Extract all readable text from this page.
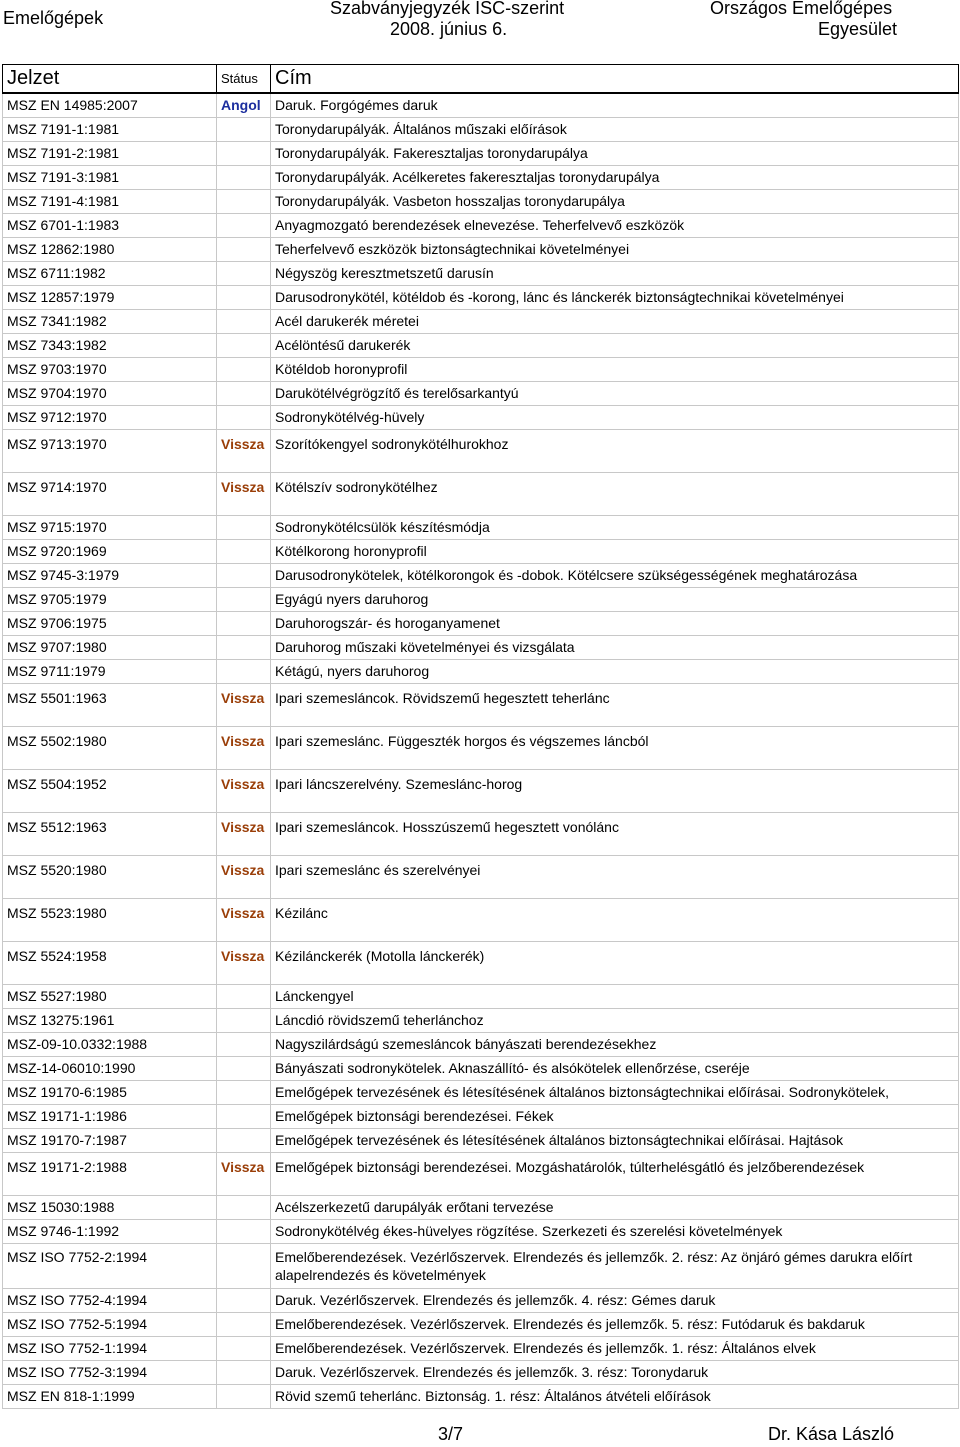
Emelőgépek	Szabványjegyzék ISC-szerint
2008. június 6.
Országos Emelőgépes
Egyesület
Jelzet	Státus	Cím
MSZ EN 14985:2007	Angol	Daruk. Forgógémes daruk
MSZ 7191-1:1981		Toronydarupályák. Általános műszaki előírások
MSZ 7191-2:1981		Toronydarupályák. Fakeresztaljas toronydarupálya
MSZ 7191-3:1981		Toronydarupályák. Acélkeretes fakeresztaljas toronydarupálya
MSZ 7191-4:1981		Toronydarupályák. Vasbeton hosszaljas toronydarupálya
MSZ 6701-1:1983		Anyagmozgató berendezések elnevezése. Teherfelvevő eszközök
MSZ 12862:1980		Teherfelvevő eszközök biztonságtechnikai követelményei
MSZ 6711:1982		Négyszög keresztmetszetű darusín
MSZ 12857:1979		Darusodronykötél, kötéldob és -korong, lánc és lánckerék biztonságtechnikai követelményei
MSZ 7341:1982		Acél darukerék méretei
MSZ 7343:1982		Acélöntésű darukerék
MSZ 9703:1970		Kötéldob horonyprofil
MSZ 9704:1970		Darukötélvégrögzítő és terelősarkantyú
MSZ 9712:1970		Sodronykötélvég-hüvely
MSZ 9713:1970	Vissza	Szorítókengyel sodronykötélhurokhoz
MSZ 9714:1970	Vissza	Kötélszív sodronykötélhez
MSZ 9715:1970		Sodronykötélcsülök készítésmódja
MSZ 9720:1969		Kötélkorong horonyprofil
MSZ 9745-3:1979		Darusodronykötelek, kötélkorongok és -dobok. Kötélcsere szükségességének meghatározása
MSZ 9705:1979		Egyágú nyers daruhorog
MSZ 9706:1975		Daruhorogszár- és horoganyamenet
MSZ 9707:1980		Daruhorog műszaki követelményei és vizsgálata
MSZ 9711:1979		Kétágú, nyers daruhorog
MSZ 5501:1963	Vissza	Ipari szemesláncok. Rövidszemű hegesztett teherlánc
MSZ 5502:1980	Vissza	Ipari szemeslánc. Függeszték horgos és végszemes láncból
MSZ 5504:1952	Vissza	Ipari láncszerelvény. Szemeslánc-horog
MSZ 5512:1963	Vissza	Ipari szemesláncok. Hosszúszemű hegesztett vonólánc
MSZ 5520:1980	Vissza	Ipari szemeslánc és szerelvényei
MSZ 5523:1980	Vissza	Kézilánc
MSZ 5524:1958	Vissza	Kézilánckerék (Motolla lánckerék)
MSZ 5527:1980		Lánckengyel
MSZ 13275:1961		Láncdió rövidszemű teherlánchoz
MSZ-09-10.0332:1988		Nagyszilárdságú szemesláncok bányászati berendezésekhez
MSZ-14-06010:1990		Bányászati sodronykötelek. Aknaszállító- és alsókötelek ellenőrzése, cseréje
MSZ 19170-6:1985		Emelőgépek tervezésének és létesítésének általános biztonságtechnikai előírásai. Sodronykötelek,
MSZ 19171-1:1986		Emelőgépek biztonsági berendezései. Fékek
MSZ 19170-7:1987		Emelőgépek tervezésének és létesítésének általános biztonságtechnikai előírásai. Hajtások
MSZ 19171-2:1988	Vissza	Emelőgépek biztonsági berendezései. Mozgáshatárolók, túlterhelésgátló és jelzőberendezések
MSZ 15030:1988		Acélszerkezetű darupályák erőtani tervezése
MSZ 9746-1:1992		Sodronykötélvég ékes-hüvelyes rögzítése. Szerkezeti és szerelési követelmények
MSZ ISO 7752-2:1994		Emelőberendezések. Vezérlőszervek. Elrendezés és jellemzők. 2. rész: Az önjáró gémes darukra előírt alapelrendezés és követelmények
MSZ ISO 7752-4:1994		Daruk. Vezérlőszervek. Elrendezés és jellemzők. 4. rész: Gémes daruk
MSZ ISO 7752-5:1994		Emelőberendezések. Vezérlőszervek. Elrendezés és jellemzők. 5. rész: Futódaruk és bakdaruk
MSZ ISO 7752-1:1994		Emelőberendezések. Vezérlőszervek. Elrendezés és jellemzők. 1. rész: Általános elvek
MSZ ISO 7752-3:1994		Daruk. Vezérlőszervek. Elrendezés és jellemzők. 3. rész: Toronydaruk
MSZ EN 818-1:1999		Rövid szemű teherlánc. Biztonság. 1. rész: Általános átvételi előírások
3/7	Dr. Kása László
